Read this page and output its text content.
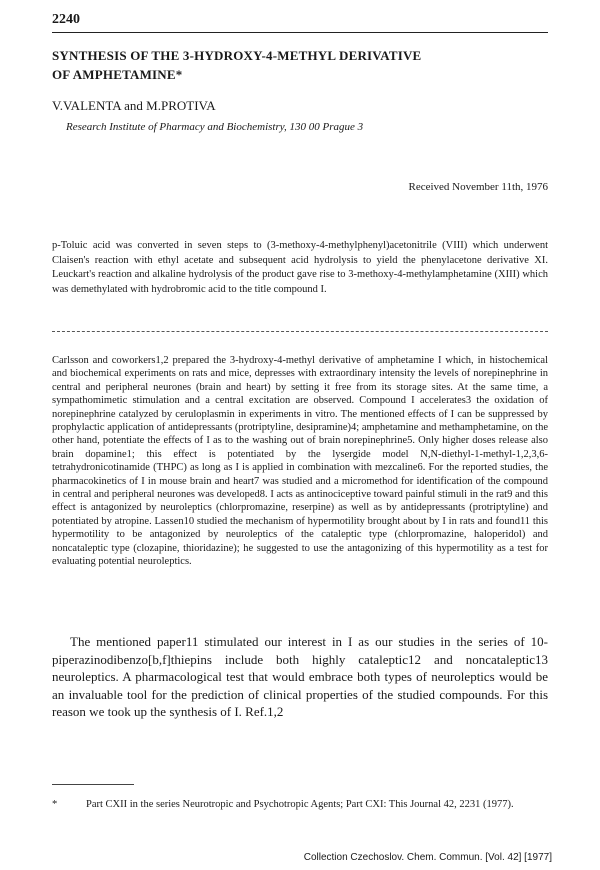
2240
SYNTHESIS OF THE 3-HYDROXY-4-METHYL DERIVATIVE
OF AMPHETAMINE*
V.VALENTA and M.PROTIVA
Research Institute of Pharmacy and Biochemistry, 130 00 Prague 3
Received November 11th, 1976

p-Toluic acid was converted in seven steps to (3-methoxy-4-methylphenyl)acetonitrile (VIII) which underwent Claisen's reaction with ethyl acetate and subsequent acid hydrolysis to yield the phenylacetone derivative XI. Leuckart's reaction and alkaline hydrolysis of the product gave rise to 3-methoxy-4-methylamphetamine (XIII) which was demethylated with hydrobromic acid to the title compound I.

Carlsson and coworkers1,2 prepared the 3-hydroxy-4-methyl derivative of amphetamine I which, in histochemical and biochemical experiments on rats and mice, depresses with extraordinary intensity the levels of norepinephrine in central and peripheral neurones (brain and heart) by setting it free from its storage sites. At the same time, a sympathomimetic stimulation and a central excitation are observed. Compound I accelerates3 the oxidation of norepinephrine catalyzed by ceruloplasmin in experiments in vitro. The mentioned effects of I can be suppressed by prophylactic application of antidepressants (protriptyline, desipramine)4; amphetamine and methamphetamine, on the other hand, potentiate the effects of I as to the washing out of brain norepinephrine5. Only higher doses release also brain dopamine1; this effect is potentiated by the lysergide model N,N-diethyl-1-methyl-1,2,3,6-tetrahydronicotinamide (THPC) as long as I is applied in combination with mezcaline6. For the reported studies, the pharmacokinetics of I in mouse brain and heart7 was studied and a micromethod for identification of the compound in central and peripheral neurones was developed8. I acts as antinociceptive toward painful stimuli in the rat9 and this effect is antagonized by neuroleptics (chlorpromazine, reserpine) as well as by antidepressants (protriptyline) and potentiated by atropine. Lassen10 studied the mechanism of hypermotility brought about by I in rats and found11 this hypermotility to be antagonized by neuroleptics of the cataleptic type (chlorpromazine, haloperidol) and noncataleptic type (clozapine, thioridazine); he suggested to use the antagonizing of this hypermotility as a test for evaluating potential neuroleptics.

The mentioned paper11 stimulated our interest in I as our studies in the series of 10-piperazinodibenzo[b,f]thiepins include both highly cataleptic12 and noncataleptic13 neuroleptics. A pharmacological test that would embrace both types of neuroleptics would be an invaluable tool for the prediction of clinical properties of the studied compounds. For this reason we took up the synthesis of I. Ref.1,2

*	Part CXII in the series Neurotropic and Psychotropic Agents; Part CXI: This Journal 42, 2231 (1977).

Collection Czechoslov. Chem. Commun. [Vol. 42] [1977]
